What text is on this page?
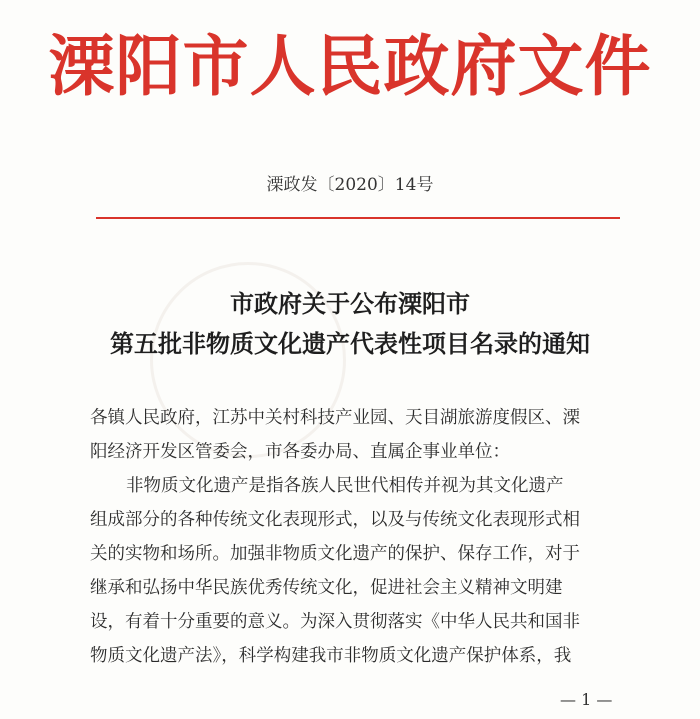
溧阳市人民政府文件
溧政发〔2020〕14号
市政府关于公布溧阳市
第五批非物质文化遗产代表性项目名录的通知
各镇人民政府，江苏中关村科技产业园、天目湖旅游度假区、溧
阳经济开发区管委会，市各委办局、直属企事业单位：
非物质文化遗产是指各族人民世代相传并视为其文化遗产
组成部分的各种传统文化表现形式，以及与传统文化表现形式相
关的实物和场所。加强非物质文化遗产的保护、保存工作，对于
继承和弘扬中华民族优秀传统文化，促进社会主义精神文明建
设，有着十分重要的意义。为深入贯彻落实《中华人民共和国非
物质文化遗产法》，科学构建我市非物质文化遗产保护体系，我
— 1 —
